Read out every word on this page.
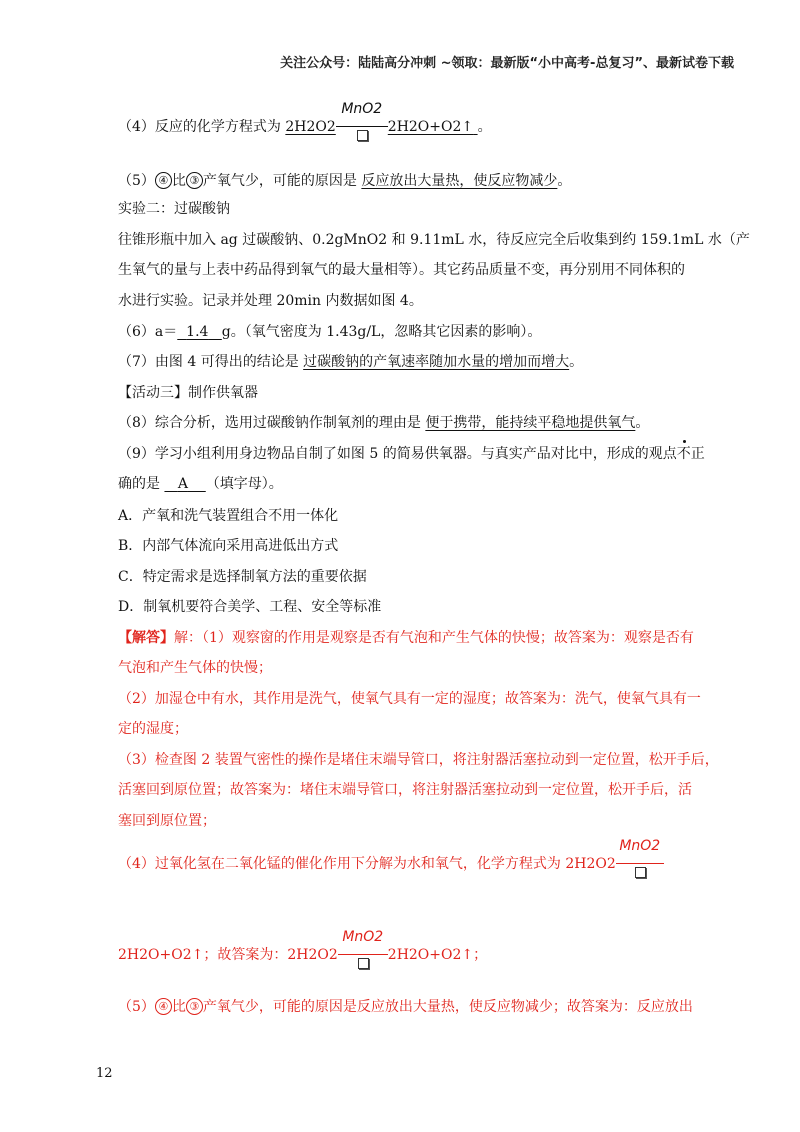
关注公众号：陆陆高分冲刺 ~领取：最新版“小中高考-总复习”、最新试卷下载
（4）反应的化学方程式为 2H2O2
MnO2
2H2O+O2↑ 。
（5） ④ 比 ③ 产氧气少，可能的原因是 反应放出大量热，使反应物减少。
实验二：过碳酸钠
往锥形瓶中加入 ag 过碳酸钠、0.2gMnO2 和 9.11mL 水，待反应完全后收集到约 159.1mL 水（产
生氧气的量与上表中药品得到氧气的最大量相等）。其它药品质量不变，再分别用不同体积的
水进行实验。记录并处理 20min 内数据如图 4。
（6）a＝ 1.4 g。（氧气密度为 1.43g/L，忽略其它因素的影响）。
（7）由图 4 可得出的结论是 过碳酸钠的产氧速率随加水量的增加而增大。
【活动三】制作供氧器
（8）综合分析，选用过碳酸钠作制氧剂的理由是 便于携带，能持续平稳地提供氧气。
（9）学习小组利用身边物品自制了如图 5 的简易供氧器。与真实产品对比中，形成的观点不正
确的是    A （填字母）。
A．产氧和洗气装置组合不用一体化
B．内部气体流向采用高进低出方式
C．特定需求是选择制氧方法的重要依据
D．制氧机要符合美学、工程、安全等标准
【解答】解：（1）观察窗的作用是观察是否有气泡和产生气体的快慢；故答案为：观察是否有
气泡和产生气体的快慢；
（2）加湿仓中有水，其作用是洗气，使氧气具有一定的湿度；故答案为：洗气，使氧气具有一
定的湿度；
（3）检查图 2 装置气密性的操作是堵住末端导管口，将注射器活塞拉动到一定位置，松开手后，
活塞回到原位置；故答案为：堵住末端导管口，将注射器活塞拉动到一定位置，松开手后，活
塞回到原位置；
（4）过氧化氢在二氧化锰的催化作用下分解为水和氧气，化学方程式为 2H2O2
MnO2
2H2O+O2↑；故答案为：2H2O2
MnO2
2H2O+O2↑；
（5） ④ 比 ③ 产氧气少，可能的原因是反应放出大量热，使反应物减少；故答案为：反应放出
12
